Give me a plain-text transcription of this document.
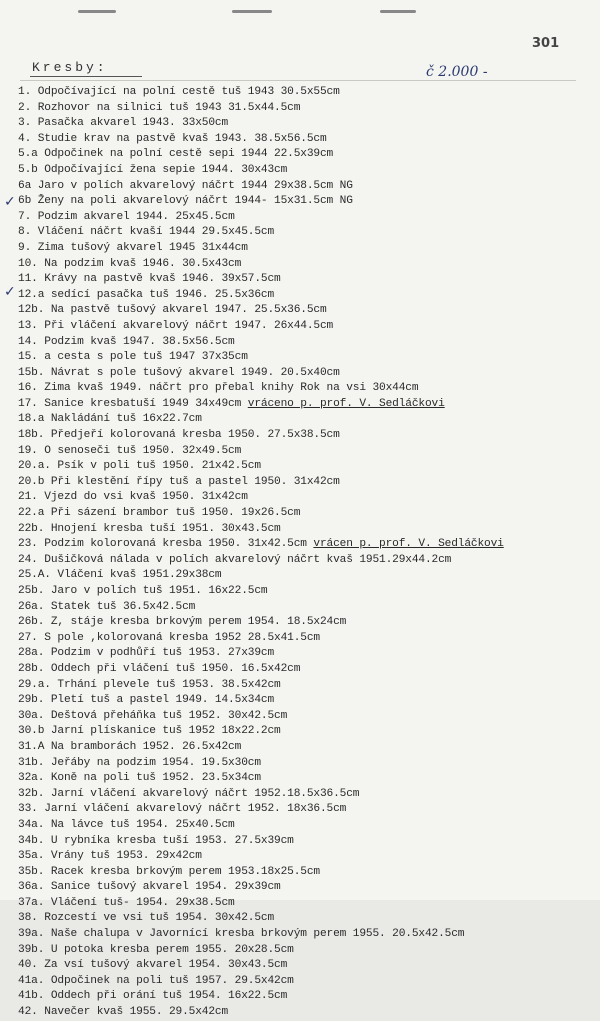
301
Kresby:	č 2.000 -
✓
✓
1. Odpočívající na polní cestě tuš 1943 30.5x55cm
2. Rozhovor na silnici tuš 1943 31.5x44.5cm
3. Pasačka akvarel 1943. 33x50cm
4. Studie krav na pastvě kvaš 1943. 38.5x56.5cm
5.a Odpočinek na polní cestě sepi 1944 22.5x39cm
5.b Odpočívající žena sepie 1944. 30x43cm
6a Jaro v polích akvarelový náčrt 1944 29x38.5cm NG
6b Ženy na poli akvarelový náčrt 1944- 15x31.5cm NG
7. Podzim akvarel 1944. 25x45.5cm
8. Vláčení náčrt kvaší 1944 29.5x45.5cm
9. Zima tušový akvarel 1945 31x44cm
10. Na podzim kvaš 1946. 30.5x43cm
11. Krávy na pastvě kvaš 1946. 39x57.5cm
12.a sedící pasačka tuš 1946. 25.5x36cm
12b. Na pastvě tušový akvarel 1947. 25.5x36.5cm
13. Při vláčení akvarelový náčrt 1947. 26x44.5cm
14. Podzim kvaš 1947. 38.5x56.5cm
15. a cesta s pole tuš 1947 37x35cm
15b. Návrat s pole tušový akvarel 1949. 20.5x40cm
16. Zima kvaš 1949. náčrt pro přebal knihy Rok na vsi 30x44cm
17. Sanice kresbatuší 1949 34x49cm vráceno p. prof. V. Sedláčkovi
18.a Nakládání tuš 16x22.7cm
18b. Předjeří kolorovaná kresba 1950. 27.5x38.5cm
19. O senoseči tuš 1950. 32x49.5cm
20.a. Psík v poli tuš 1950. 21x42.5cm
20.b Při klestění řípy tuš a pastel 1950. 31x42cm
21. Vjezd do vsi kvaš 1950. 31x42cm
22.a Při sázení brambor tuš 1950. 19x26.5cm
22b. Hnojení kresba tuší 1951. 30x43.5cm
23. Podzim kolorovaná kresba 1950. 31x42.5cm vrácen p. prof. V. Sedláčkovi
24. Dušičková nálada v polích akvarelový náčrt kvaš 1951.29x44.2cm
25.A. Vláčení kvaš 1951.29x38cm
25b. Jaro v polích tuš 1951. 16x22.5cm
26a. Statek tuš 36.5x42.5cm
26b. Z, stáje kresba brkovým perem 1954. 18.5x24cm
27. S pole ,kolorovaná kresba 1952 28.5x41.5cm
28a. Podzim v podhůří tuš 1953. 27x39cm
28b. Oddech při vláčení tuš 1950. 16.5x42cm
29.a. Trhání plevele tuš 1953. 38.5x42cm
29b. Pletí tuš a pastel 1949. 14.5x34cm
30a. Deštová přeháňka tuš 1952. 30x42.5cm
30.b Jarní plískanice tuš 1952 18x22.2cm
31.A Na bramborách 1952. 26.5x42cm
31b. Jeřáby na podzim 1954. 19.5x30cm
32a. Koně na poli tuš 1952. 23.5x34cm
32b. Jarní vláčení akvarelový náčrt 1952.18.5x36.5cm
33. Jarní vláčení akvarelový náčrt 1952. 18x36.5cm
34a. Na lávce tuš 1954. 25x40.5cm
34b. U rybníka kresba tuší 1953. 27.5x39cm
35a. Vrány tuš 1953. 29x42cm
35b. Racek kresba brkovým perem 1953.18x25.5cm
36a. Sanice tušový akvarel 1954. 29x39cm
37a. Vláčení tuš- 1954. 29x38.5cm
38. Rozcestí ve vsi tuš 1954. 30x42.5cm
39a. Naše chalupa v Javornící kresba brkovým perem 1955. 20.5x42.5cm
39b. U potoka kresba perem 1955. 20x28.5cm
40. Za vsí tušový akvarel 1954. 30x43.5cm
41a. Odpočinek na poli tuš 1957. 29.5x42cm
41b. Oddech při orání tuš 1954. 16x22.5cm
42. Navečer kvaš 1955. 29.5x42cm
